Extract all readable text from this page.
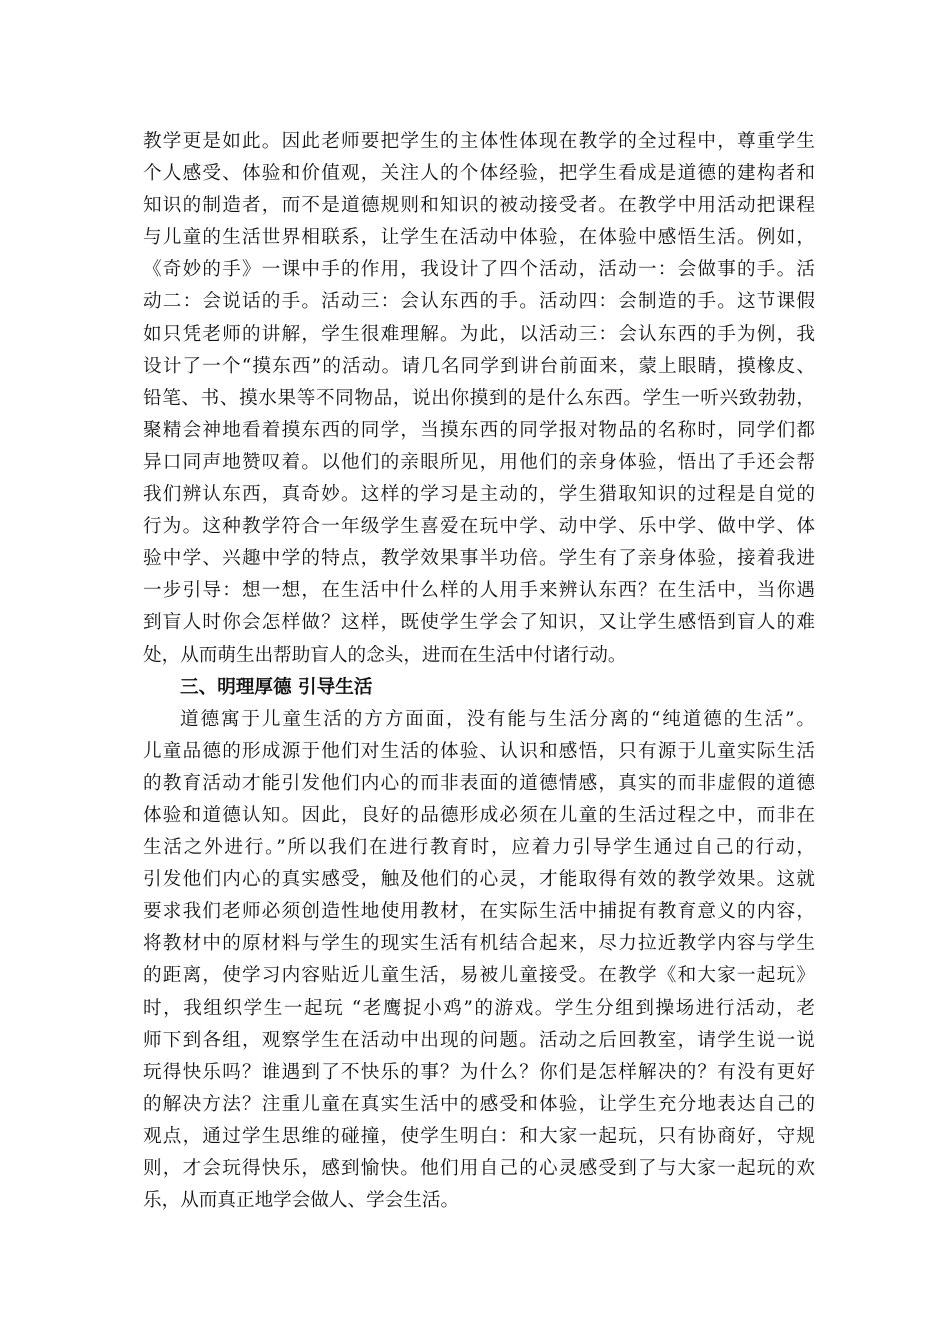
教学更是如此。因此老师要把学生的主体性体现在教学的全过程中，尊重学生
个人感受、体验和价值观，关注人的个体经验，把学生看成是道德的建构者和
知识的制造者，而不是道德规则和知识的被动接受者。在教学中用活动把课程
与儿童的生活世界相联系，让学生在活动中体验，在体验中感悟生活。例如，
《奇妙的手》一课中手的作用，我设计了四个活动，活动一：会做事的手。活
动二：会说话的手。活动三：会认东西的手。活动四：会制造的手。这节课假
如只凭老师的讲解，学生很难理解。为此，以活动三：会认东西的手为例，我
设计了一个“摸东西”的活动。请几名同学到讲台前面来，蒙上眼睛，摸橡皮、
铅笔、书、摸水果等不同物品，说出你摸到的是什么东西。学生一听兴致勃勃，
聚精会神地看着摸东西的同学，当摸东西的同学报对物品的名称时，同学们都
异口同声地赞叹着。以他们的亲眼所见，用他们的亲身体验，悟出了手还会帮
我们辨认东西，真奇妙。这样的学习是主动的，学生猎取知识的过程是自觉的
行为。这种教学符合一年级学生喜爱在玩中学、动中学、乐中学、做中学、体
验中学、兴趣中学的特点，教学效果事半功倍。学生有了亲身体验，接着我进
一步引导：想一想，在生活中什么样的人用手来辨认东西？在生活中，当你遇
到盲人时你会怎样做？这样，既使学生学会了知识，又让学生感悟到盲人的难
处，从而萌生出帮助盲人的念头，进而在生活中付诸行动。
三、明理厚德 引导生活
道德寓于儿童生活的方方面面，没有能与生活分离的“纯道德的生活”。
儿童品德的形成源于他们对生活的体验、认识和感悟，只有源于儿童实际生活
的教育活动才能引发他们内心的而非表面的道德情感，真实的而非虚假的道德
体验和道德认知。因此，良好的品德形成必须在儿童的生活过程之中，而非在
生活之外进行。”所以我们在进行教育时，应着力引导学生通过自己的行动，
引发他们内心的真实感受，触及他们的心灵，才能取得有效的教学效果。这就
要求我们老师必须创造性地使用教材，在实际生活中捕捉有教育意义的内容，
将教材中的原材料与学生的现实生活有机结合起来，尽力拉近教学内容与学生
的距离，使学习内容贴近儿童生活，易被儿童接受。在教学《和大家一起玩》
时，我组织学生一起玩 “老鹰捉小鸡”的游戏。学生分组到操场进行活动，老
师下到各组，观察学生在活动中出现的问题。活动之后回教室，请学生说一说
玩得快乐吗？谁遇到了不快乐的事？为什么？你们是怎样解决的？有没有更好
的解决方法？注重儿童在真实生活中的感受和体验，让学生充分地表达自己的
观点，通过学生思维的碰撞，使学生明白：和大家一起玩，只有协商好，守规
则，才会玩得快乐，感到愉快。他们用自己的心灵感受到了与大家一起玩的欢
乐，从而真正地学会做人、学会生活。
